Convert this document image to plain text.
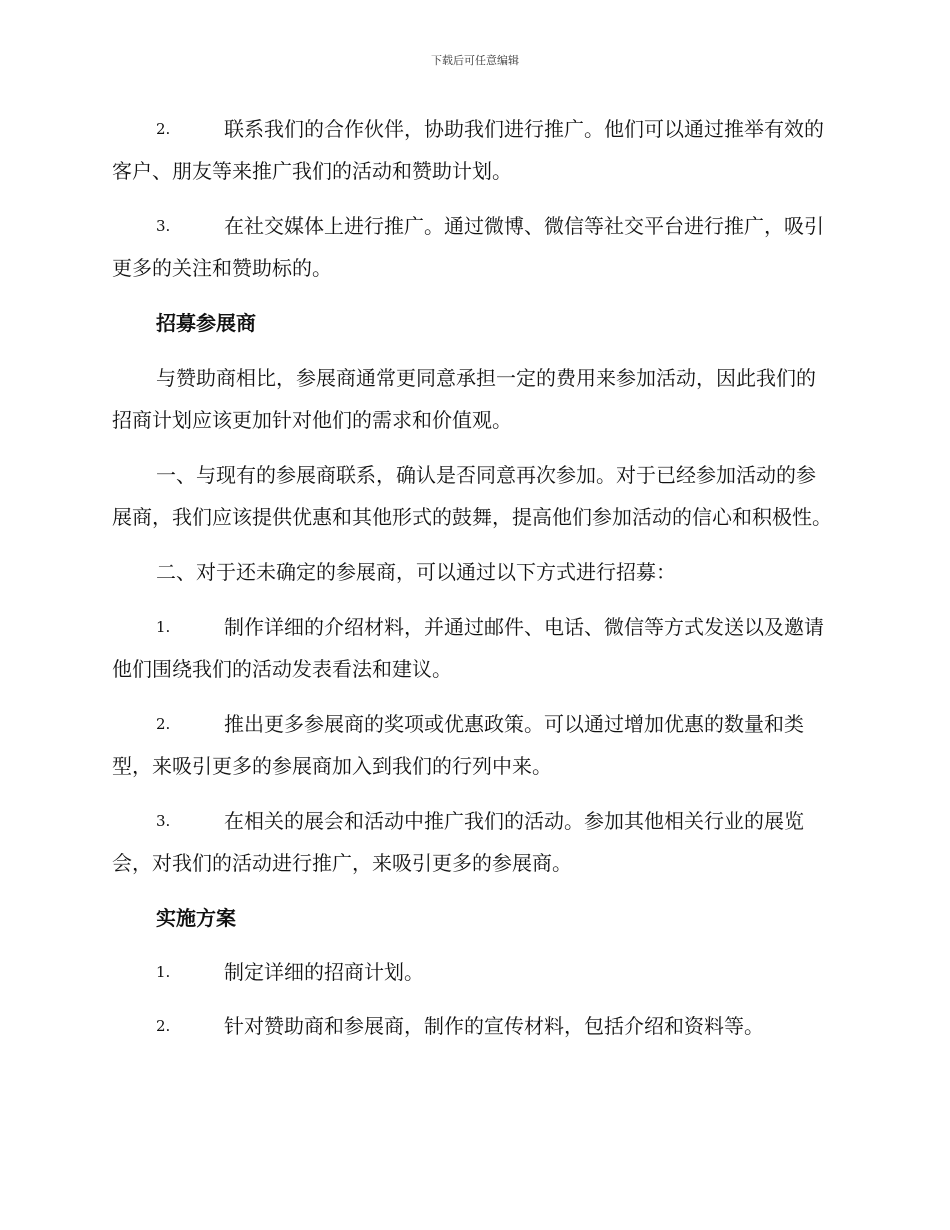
下载后可任意编辑
2.	联系我们的合作伙伴，协助我们进行推广。他们可以通过推举有效的客户、朋友等来推广我们的活动和赞助计划。
3.	在社交媒体上进行推广。通过微博、微信等社交平台进行推广，吸引更多的关注和赞助标的。
招募参展商

与赞助商相比，参展商通常更同意承担一定的费用来参加活动，因此我们的招商计划应该更加针对他们的需求和价值观。

一、与现有的参展商联系，确认是否同意再次参加。对于已经参加活动的参展商，我们应该提供优惠和其他形式的鼓舞，提高他们参加活动的信心和积极性。

二、对于还未确定的参展商，可以通过以下方式进行招募：

1.	制作详细的介绍材料，并通过邮件、电话、微信等方式发送以及邀请他们围绕我们的活动发表看法和建议。
2.	推出更多参展商的奖项或优惠政策。可以通过增加优惠的数量和类型，来吸引更多的参展商加入到我们的行列中来。
3.	在相关的展会和活动中推广我们的活动。参加其他相关行业的展览会，对我们的活动进行推广，来吸引更多的参展商。
实施方案
1.	制定详细的招商计划。
2.	针对赞助商和参展商，制作的宣传材料，包括介绍和资料等。
